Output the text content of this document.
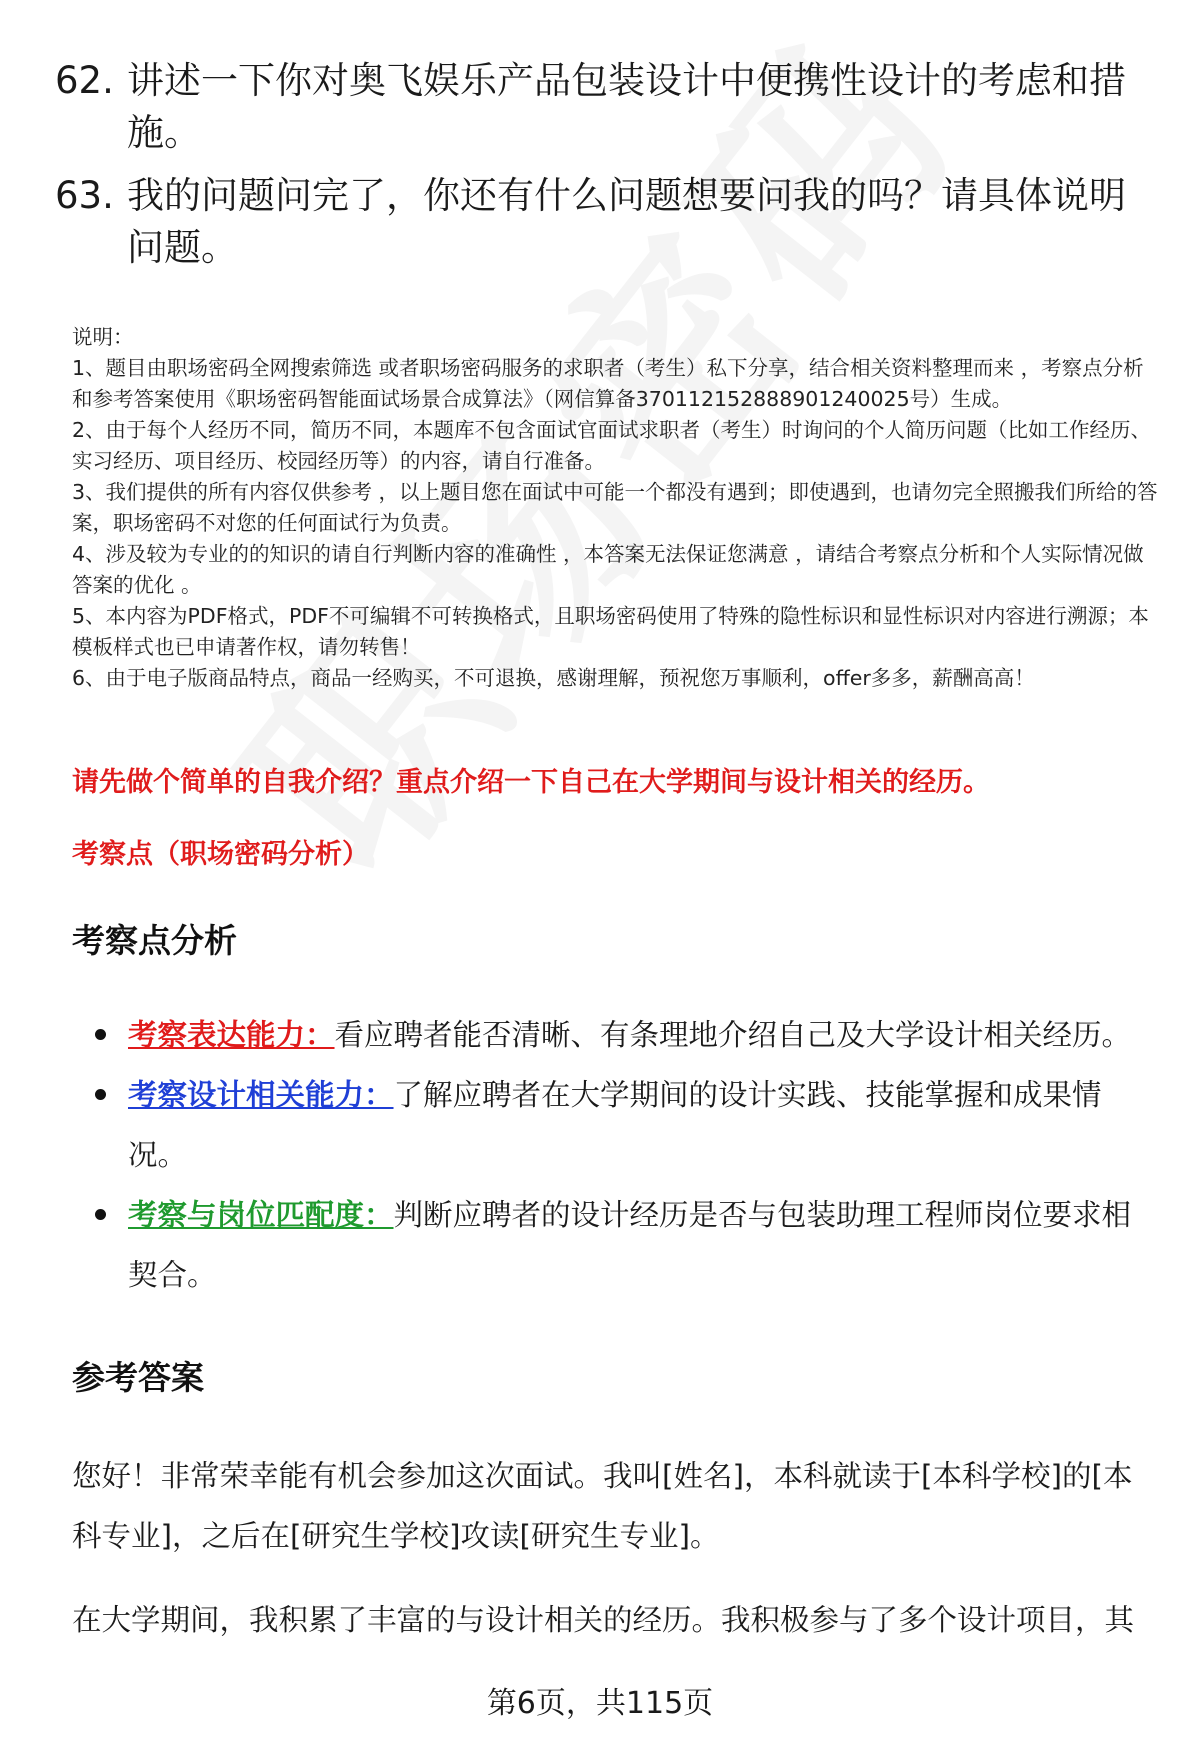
62. 讲述一下你对奥飞娱乐产品包装设计中便携性设计的考虑和措施。
63. 我的问题问完了，你还有什么问题想要问我的吗？请具体说明问题。
说明：
1、题目由职场密码全网搜索筛选 或者职场密码服务的求职者（考生）私下分享，结合相关资料整理而来 ，考察点分析和参考答案使用《职场密码智能面试场景合成算法》（网信算备370112152888901240025号）生成。
2、由于每个人经历不同，简历不同，本题库不包含面试官面试求职者（考生）时询问的个人简历问题（比如工作经历、实习经历、项目经历、校园经历等）的内容，请自行准备。
3、我们提供的所有内容仅供参考 ，以上题目您在面试中可能一个都没有遇到；即使遇到，也请勿完全照搬我们所给的答案，职场密码不对您的任何面试行为负责。
4、涉及较为专业的的知识的请自行判断内容的准确性 ，本答案无法保证您满意 ，请结合考察点分析和个人实际情况做答案的优化 。
5、本内容为PDF格式，PDF不可编辑不可转换格式，且职场密码使用了特殊的隐性标识和显性标识对内容进行溯源；本模板样式也已申请著作权，请勿转售！
6、由于电子版商品特点，商品一经购买，不可退换，感谢理解，预祝您万事顺利，offer多多，薪酬高高！
请先做个简单的自我介绍？重点介绍一下自己在大学期间与设计相关的经历。
考察点（职场密码分析）
考察点分析
考察表达能力：看应聘者能否清晰、有条理地介绍自己及大学设计相关经历。
考察设计相关能力：了解应聘者在大学期间的设计实践、技能掌握和成果情况。
考察与岗位匹配度：判断应聘者的设计经历是否与包装助理工程师岗位要求相契合。
参考答案
您好！非常荣幸能有机会参加这次面试。我叫[姓名]，本科就读于[本科学校]的[本科专业]，之后在[研究生学校]攻读[研究生专业]。
在大学期间，我积累了丰富的与设计相关的经历。我积极参与了多个设计项目，其
第6页，共115页
